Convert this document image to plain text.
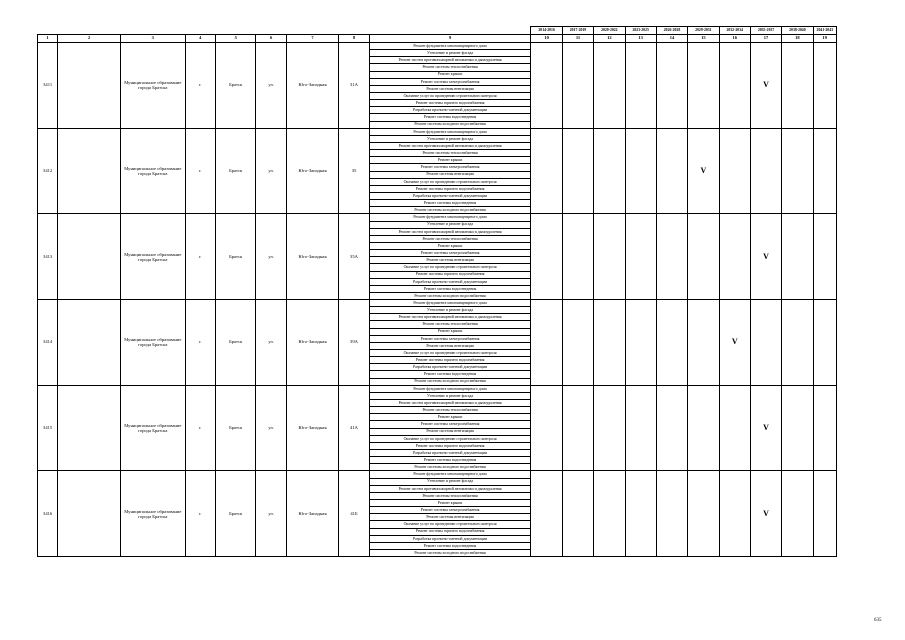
									2014-2016	2017-2019	2020-2022	2023-2025	2026-2028	2029-2031	2032-2034	2035-2037	2038-2040	2041-2043
1	2	3	4	5	6	7	8	9	10	11	12	13	14	15	16	17	18	19
3411		Муниципальное образование города Братска	г.	Братск	ул.	Юго-Западная	31А	Ремонт фундамента многоквартирного дома								V		
								Утепление и ремонт фасада										
								Ремонт систем противопожарной автоматики и дымоудаления										
								Ремонт системы теплоснабжения										
								Ремонт крыши										
								Ремонт системы электроснабжения										
								Ремонт системы вентиляции										
								Оказание услуг по проведению строительного контроля										
								Ремонт системы горячего водоснабжения										
								Разработка проектно-сметной документации										
								Ремонт системы водоотведения										
								Ремонт системы холодного водоснабжения										
3412		Муниципальное образование города Братска	г.	Братск	ул.	Юго-Западная	35	Ремонт фундамента многоквартирного дома						V				
								Утепление и ремонт фасада										
								Ремонт систем противопожарной автоматики и дымоудаления										
								Ремонт системы теплоснабжения										
								Ремонт крыши										
								Ремонт системы электроснабжения										
								Ремонт системы вентиляции										
								Оказание услуг по проведению строительного контроля										
								Ремонт системы горячего водоснабжения										
								Разработка проектно-сметной документации										
								Ремонт системы водоотведения										
								Ремонт системы холодного водоснабжения										
3413		Муниципальное образование города Братска	г.	Братск	ул.	Юго-Западная	35А	Ремонт фундамента многоквартирного дома								V		
								Утепление и ремонт фасада										
								Ремонт систем противопожарной автоматики и дымоудаления										
								Ремонт системы теплоснабжения										
								Ремонт крыши										
								Ремонт системы электроснабжения										
								Ремонт системы вентиляции										
								Оказание услуг по проведению строительного контроля										
								Ремонт системы горячего водоснабжения										
								Разработка проектно-сметной документации										
								Ремонт системы водоотведения										
								Ремонт системы холодного водоснабжения										
3414		Муниципальное образование города Братска	г.	Братск	ул.	Юго-Западная	39А	Ремонт фундамента многоквартирного дома							V			
								Утепление и ремонт фасада										
								Ремонт систем противопожарной автоматики и дымоудаления										
								Ремонт системы теплоснабжения										
								Ремонт крыши										
								Ремонт системы электроснабжения										
								Ремонт системы вентиляции										
								Оказание услуг по проведению строительного контроля										
								Ремонт системы горячего водоснабжения										
								Разработка проектно-сметной документации										
								Ремонт системы водоотведения										
								Ремонт системы холодного водоснабжения										
3415		Муниципальное образование города Братска	г.	Братск	ул.	Юго-Западная	41А	Ремонт фундамента многоквартирного дома								V		
								Утепление и ремонт фасада										
								Ремонт систем противопожарной автоматики и дымоудаления										
								Ремонт системы теплоснабжения										
								Ремонт крыши										
								Ремонт системы электроснабжения										
								Ремонт системы вентиляции										
								Оказание услуг по проведению строительного контроля										
								Ремонт системы горячего водоснабжения										
								Разработка проектно-сметной документации										
								Ремонт системы водоотведения										
								Ремонт системы холодного водоснабжения										
3416		Муниципальное образование города Братска	г.	Братск	ул.	Юго-Западная	41Б	Ремонт фундамента многоквартирного дома								V		
								Утепление и ремонт фасада										
								Ремонт систем противопожарной автоматики и дымоудаления										
								Ремонт системы теплоснабжения										
								Ремонт крыши										
								Ремонт системы электроснабжения										
								Ремонт системы вентиляции										
								Оказание услуг по проведению строительного контроля										
								Ремонт системы горячего водоснабжения										
								Разработка проектно-сметной документации										
								Ремонт системы водоотведения										
								Ремонт системы холодного водоснабжения										
635
